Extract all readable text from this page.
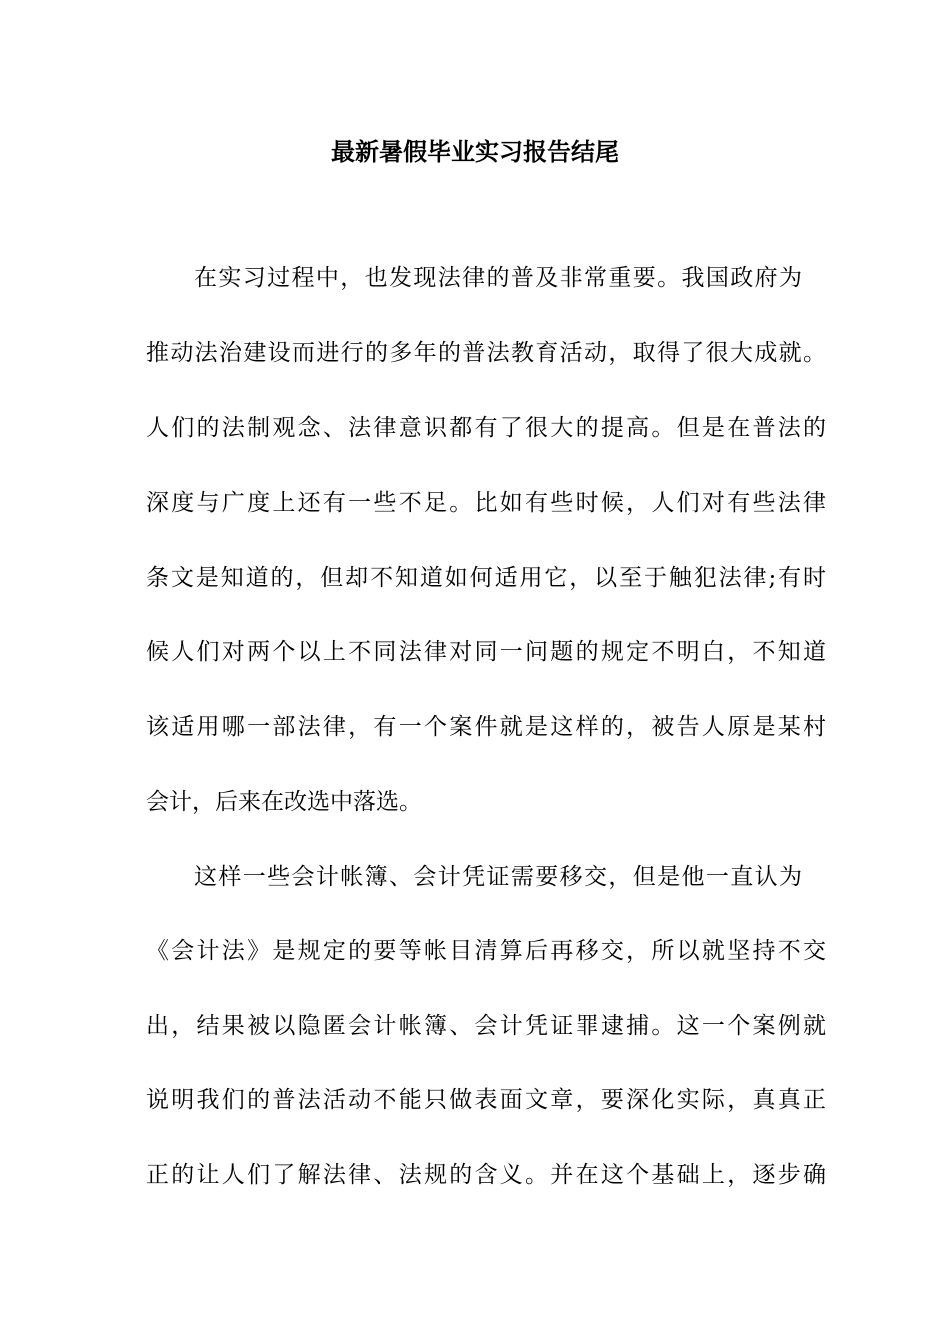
最新暑假毕业实习报告结尾
在实习过程中，也发现法律的普及非常重要。我国政府为
推动法治建设而进行的多年的普法教育活动，取得了很大成就。
人们的法制观念、法律意识都有了很大的提高。但是在普法的
深度与广度上还有一些不足。比如有些时候，人们对有些法律
条文是知道的，但却不知道如何适用它，以至于触犯法律;有时
候人们对两个以上不同法律对同一问题的规定不明白，不知道
该适用哪一部法律，有一个案件就是这样的，被告人原是某村
会计，后来在改选中落选。
这样一些会计帐簿、会计凭证需要移交，但是他一直认为
《会计法》是规定的要等帐目清算后再移交，所以就坚持不交
出，结果被以隐匿会计帐簿、会计凭证罪逮捕。这一个案例就
说明我们的普法活动不能只做表面文章，要深化实际，真真正
正的让人们了解法律、法规的含义。并在这个基础上，逐步确
